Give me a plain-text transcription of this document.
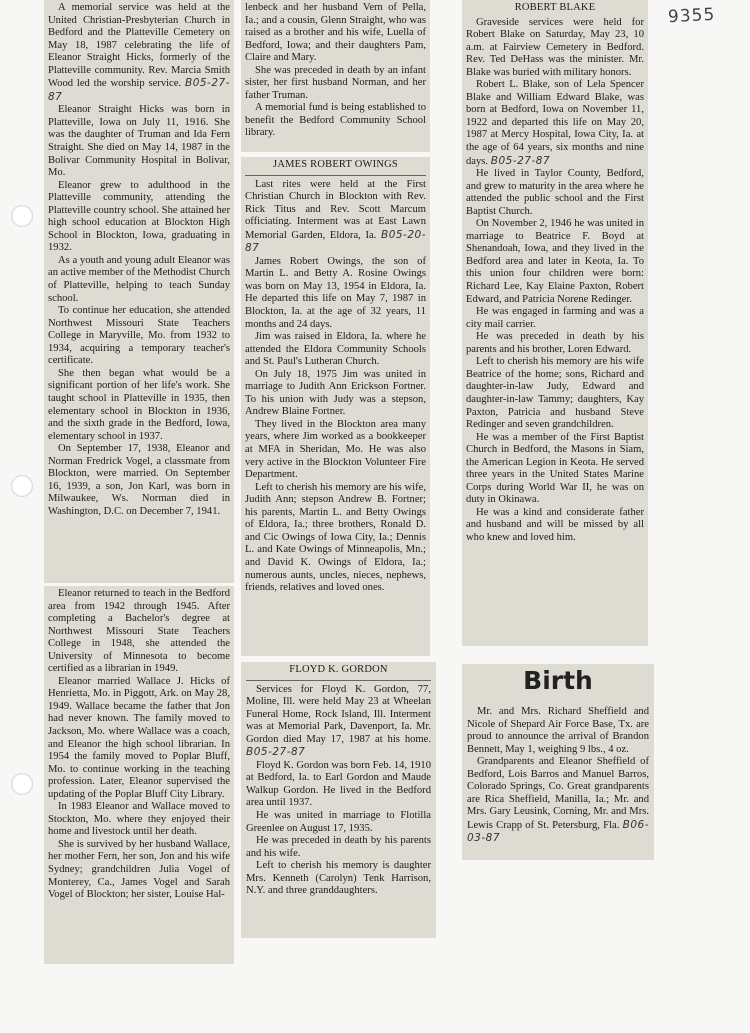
9355

A memorial service was held at the United Christian-Presbyterian Church in Bedford and the Platteville Cemetery on May 18, 1987 celebrating the life of Eleanor Straight Hicks, formerly of the Platteville community. Rev. Marcia Smith Wood led the worship service. B05-27-87

Eleanor Straight Hicks was born in Platteville, Iowa on July 11, 1916. She was the daughter of Truman and Ida Fern Straight. She died on May 14, 1987 in the Bolivar Community Hospital in Bolivar, Mo.

Eleanor grew to adulthood in the Platteville community, attending the Platteville country school. She attained her high school education at Blockton High School in Blockton, Iowa, graduating in 1932.

As a youth and young adult Eleanor was an active member of the Methodist Church of Platteville, helping to teach Sunday school.

To continue her education, she attended Northwest Missouri State Teachers College in Maryville, Mo. from 1932 to 1934, acquiring a temporary teacher's certificate.

She then began what would be a significant portion of her life's work. She taught school in Platteville in 1935, then elementary school in Blockton in 1936, and the sixth grade in the Bedford, Iowa, elementary school in 1937.

On September 17, 1938, Eleanor and Norman Fredrick Vogel, a classmate from Blockton, were married. On September 16, 1939, a son, Jon Karl, was born in Milwaukee, Ws. Norman died in Washington, D.C. on December 7, 1941.

Eleanor returned to teach in the Bedford area from 1942 through 1945. After completing a Bachelor's degree at Northwest Missouri State Teachers College in 1948, she attended the University of Minnesota to become certified as a librarian in 1949.

Eleanor married Wallace J. Hicks of Henrietta, Mo. in Piggott, Ark. on May 28, 1949. Wallace became the father that Jon had never known. The family moved to Jackson, Mo. where Wallace was a coach, and Eleanor the high school librarian. In 1954 the family moved to Poplar Bluff, Mo. to continue working in the teaching profession. Later, Eleanor supervised the updating of the Poplar Bluff City Library.

In 1983 Eleanor and Wallace moved to Stockton, Mo. where they enjoyed their home and livestock until her death.

She is survived by her husband Wallace, her mother Fern, her son, Jon and his wife Sydney; grandchildren Julia Vogel of Monterey, Ca., James Vogel and Sarah Vogel of Blockton; her sister, Louise Hal-

lenbeck and her husband Vern of Pella, Ia.; and a cousin, Glenn Straight, who was raised as a brother and his wife, Luella of Bedford, Iowa; and their daughters Pam, Claire and Mary.

She was preceded in death by an infant sister, her first husband Norman, and her father Truman.

A memorial fund is being established to benefit the Bedford Community School library.

JAMES ROBERT OWINGS

Last rites were held at the First Christian Church in Blockton with Rev. Rick Titus and Rev. Scott Marcum officiating. Interment was at East Lawn Memorial Garden, Eldora, Ia. B05-20-87

James Robert Owings, the son of Martin L. and Betty A. Rosine Owings was born on May 13, 1954 in Eldora, Ia. He departed this life on May 7, 1987 in Blockton, Ia. at the age of 32 years, 11 months and 24 days.

Jim was raised in Eldora, Ia. where he attended the Eldora Community Schools and St. Paul's Lutheran Church.

On July 18, 1975 Jim was united in marriage to Judith Ann Erickson Fortner. To his union with Judy was a stepson, Andrew Blaine Fortner.

They lived in the Blockton area many years, where Jim worked as a bookkeeper at MFA in Sheridan, Mo. He was also very active in the Blockton Volunteer Fire Department.

Left to cherish his memory are his wife, Judith Ann; stepson Andrew B. Fortner; his parents, Martin L. and Betty Owings of Eldora, Ia.; three brothers, Ronald D. and Cic Owings of Iowa City, Ia.; Dennis L. and Kate Owings of Minneapolis, Mn.; and David K. Owings of Eldora, Ia.; numerous aunts, uncles, nieces, nephews, friends, relatives and loved ones.

FLOYD K. GORDON

Services for Floyd K. Gordon, 77, Moline, Ill. were held May 23 at Wheelan Funeral Home, Rock Island, Ill. Interment was at Memorial Park, Davenport, Ia. Mr. Gordon died May 17, 1987 at his home. B05-27-87

Floyd K. Gordon was born Feb. 14, 1910 at Bedford, Ia. to Earl Gordon and Maude Walkup Gordon. He lived in the Bedford area until 1937.

He was united in marriage to Flotilla Greenlee on August 17, 1935.

He was preceded in death by his parents and his wife.

Left to cherish his memory is daughter Mrs. Kenneth (Carolyn) Tenk Harrison, N.Y. and three granddaughters.

ROBERT BLAKE

Graveside services were held for Robert Blake on Saturday, May 23, 10 a.m. at Fairview Cemetery in Bedford. Rev. Ted DeHass was the minister. Mr. Blake was buried with military honors.

Robert L. Blake, son of Lela Spencer Blake and William Edward Blake, was born at Bedford, Iowa on November 11, 1922 and departed this life on May 20, 1987 at Mercy Hospital, Iowa City, Ia. at the age of 64 years, six months and nine days. B05-27-87

He lived in Taylor County, Bedford, and grew to maturity in the area where he attended the public school and the First Baptist Church.

On November 2, 1946 he was united in marriage to Beatrice F. Boyd at Shenandoah, Iowa, and they lived in the Bedford area and later in Keota, Ia. To this union four children were born: Richard Lee, Kay Elaine Paxton, Robert Edward, and Patricia Norene Redinger.

He was engaged in farming and was a city mail carrier.

He was preceded in death by his parents and his brother, Loren Edward.

Left to cherish his memory are his wife Beatrice of the home; sons, Richard and daughter-in-law Judy, Edward and daughter-in-law Tammy; daughters, Kay Paxton, Patricia and husband Steve Redinger and seven grandchildren.

He was a member of the First Baptist Church in Bedford, the Masons in Siam, the American Legion in Keota. He served three years in the United States Marine Corps during World War II, he was on duty in Okinawa.

He was a kind and considerate father and husband and will be missed by all who knew and loved him.

Birth

Mr. and Mrs. Richard Sheffield and Nicole of Shepard Air Force Base, Tx. are proud to announce the arrival of Brandon Bennett, May 1, weighing 9 lbs., 4 oz.

Grandparents and Eleanor Sheffield of Bedford, Lois Barros and Manuel Barros, Colorado Springs, Co. Great grandparents are Rica Sheffield, Manilla, Ia.; Mr. and Mrs. Gary Leusink, Corning, Mr. and Mrs. Lewis Crapp of St. Petersburg, Fla. B06-03-87
